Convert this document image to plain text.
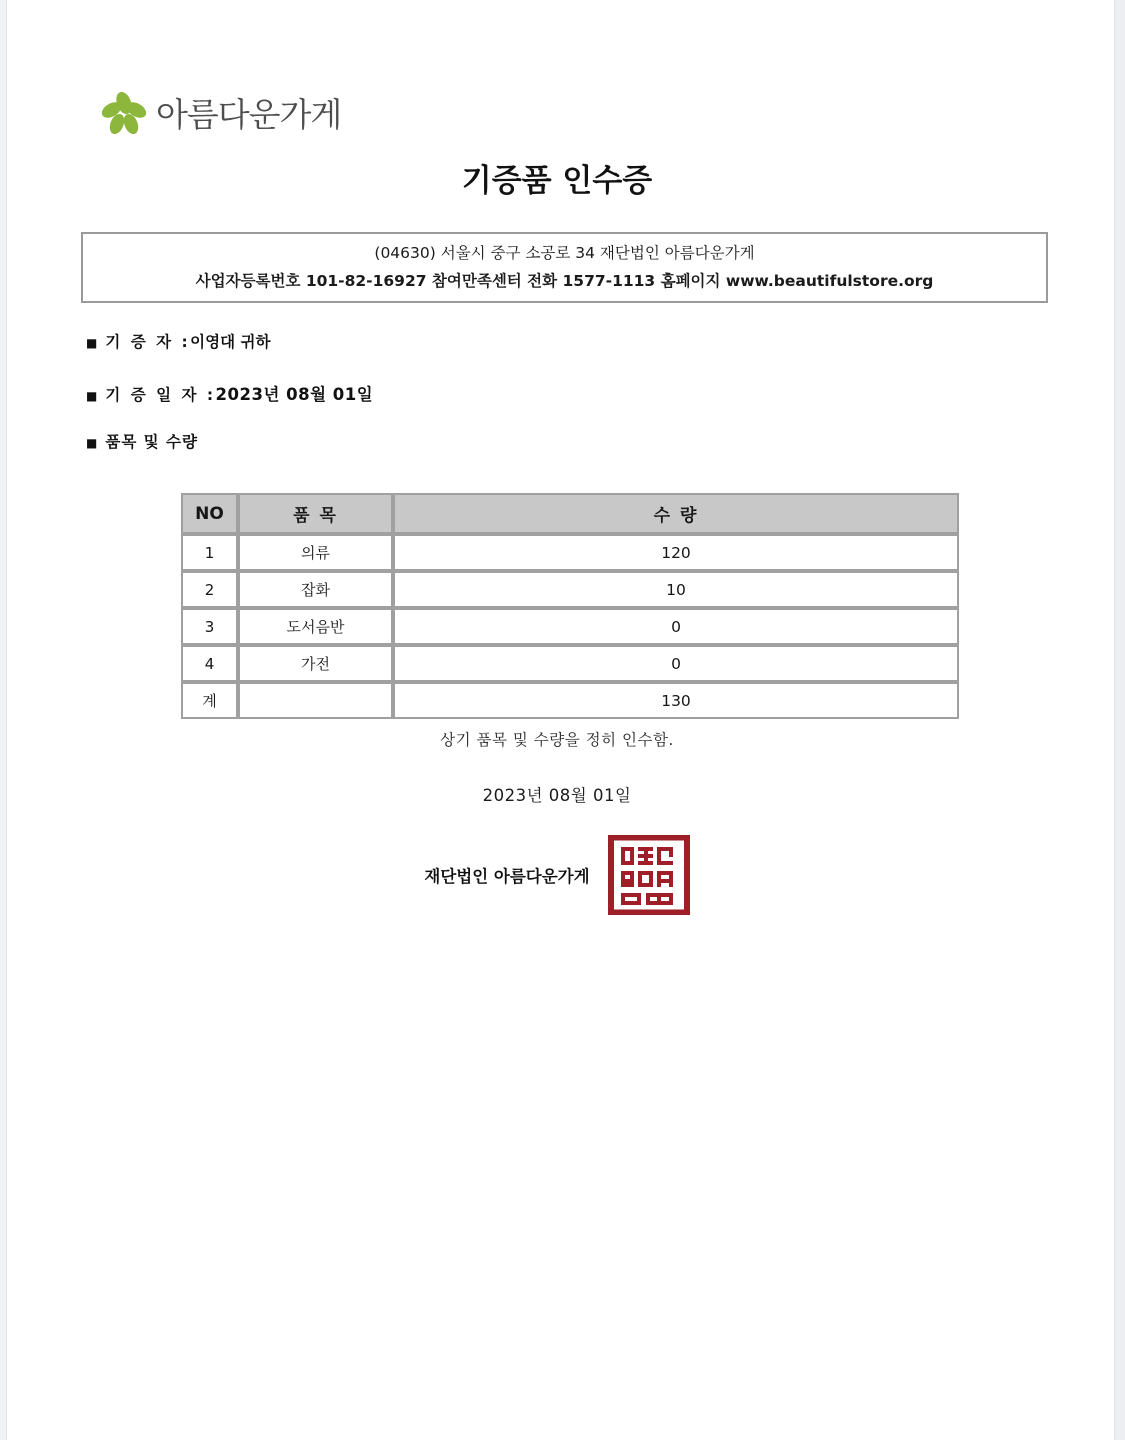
아름다운가게
기증품 인수증
(04630) 서울시 중구 소공로 34 재단법인 아름다운가게
사업자등록번호 101-82-16927 참여만족센터 전화 1577-1113 홈페이지 www.beautifulstore.org
■ 기 증 자 : 이영대 귀하
■ 기 증 일 자 : 2023년 08월 01일
■ 품목 및 수량
NO	품 목	수 량
1	의류	120
2	잡화	10
3	도서음반	0
4	가전	0
계		130
상기 품목 및 수량을 정히 인수함.
2023년 08월 01일
재단법인 아름다운가게
